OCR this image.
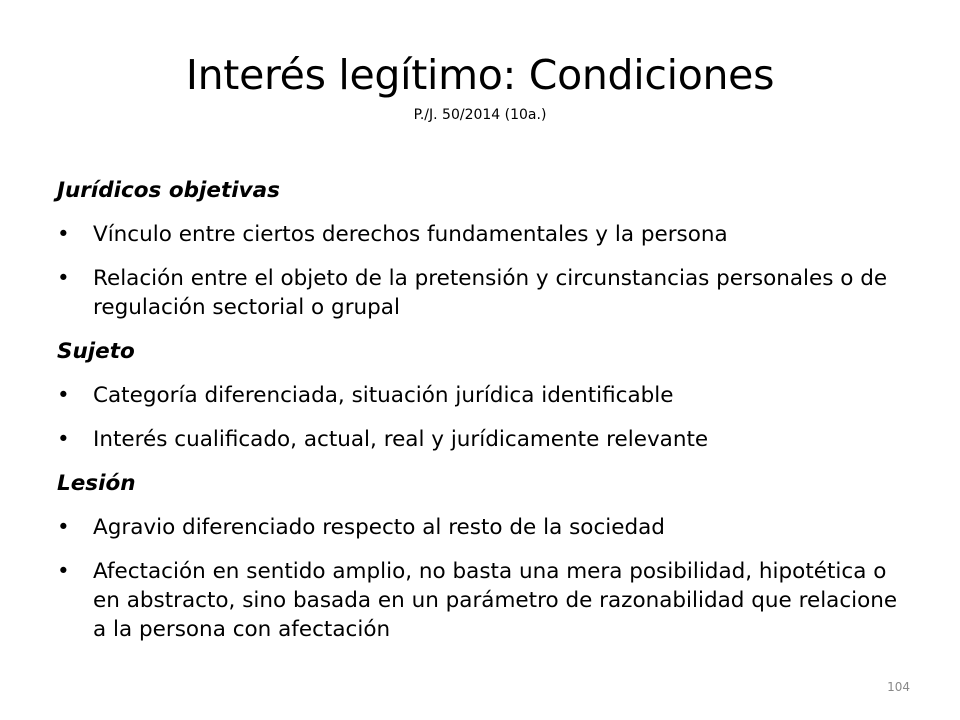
Interés legítimo: Condiciones
P./J. 50/2014 (10a.)
Jurídicos objetivas
•	Vínculo entre ciertos derechos fundamentales y la persona
•	Relación entre el objeto de la pretensión y circunstancias personales o de regulación sectorial o grupal
Sujeto
•	Categoría diferenciada, situación jurídica identificable
•	Interés cualificado, actual, real y jurídicamente relevante
Lesión
•	Agravio diferenciado respecto al resto de la sociedad
•	Afectación en sentido amplio, no basta una mera posibilidad, hipotética o en abstracto, sino basada en un parámetro de razonabilidad que relacione a la persona con afectación
104
